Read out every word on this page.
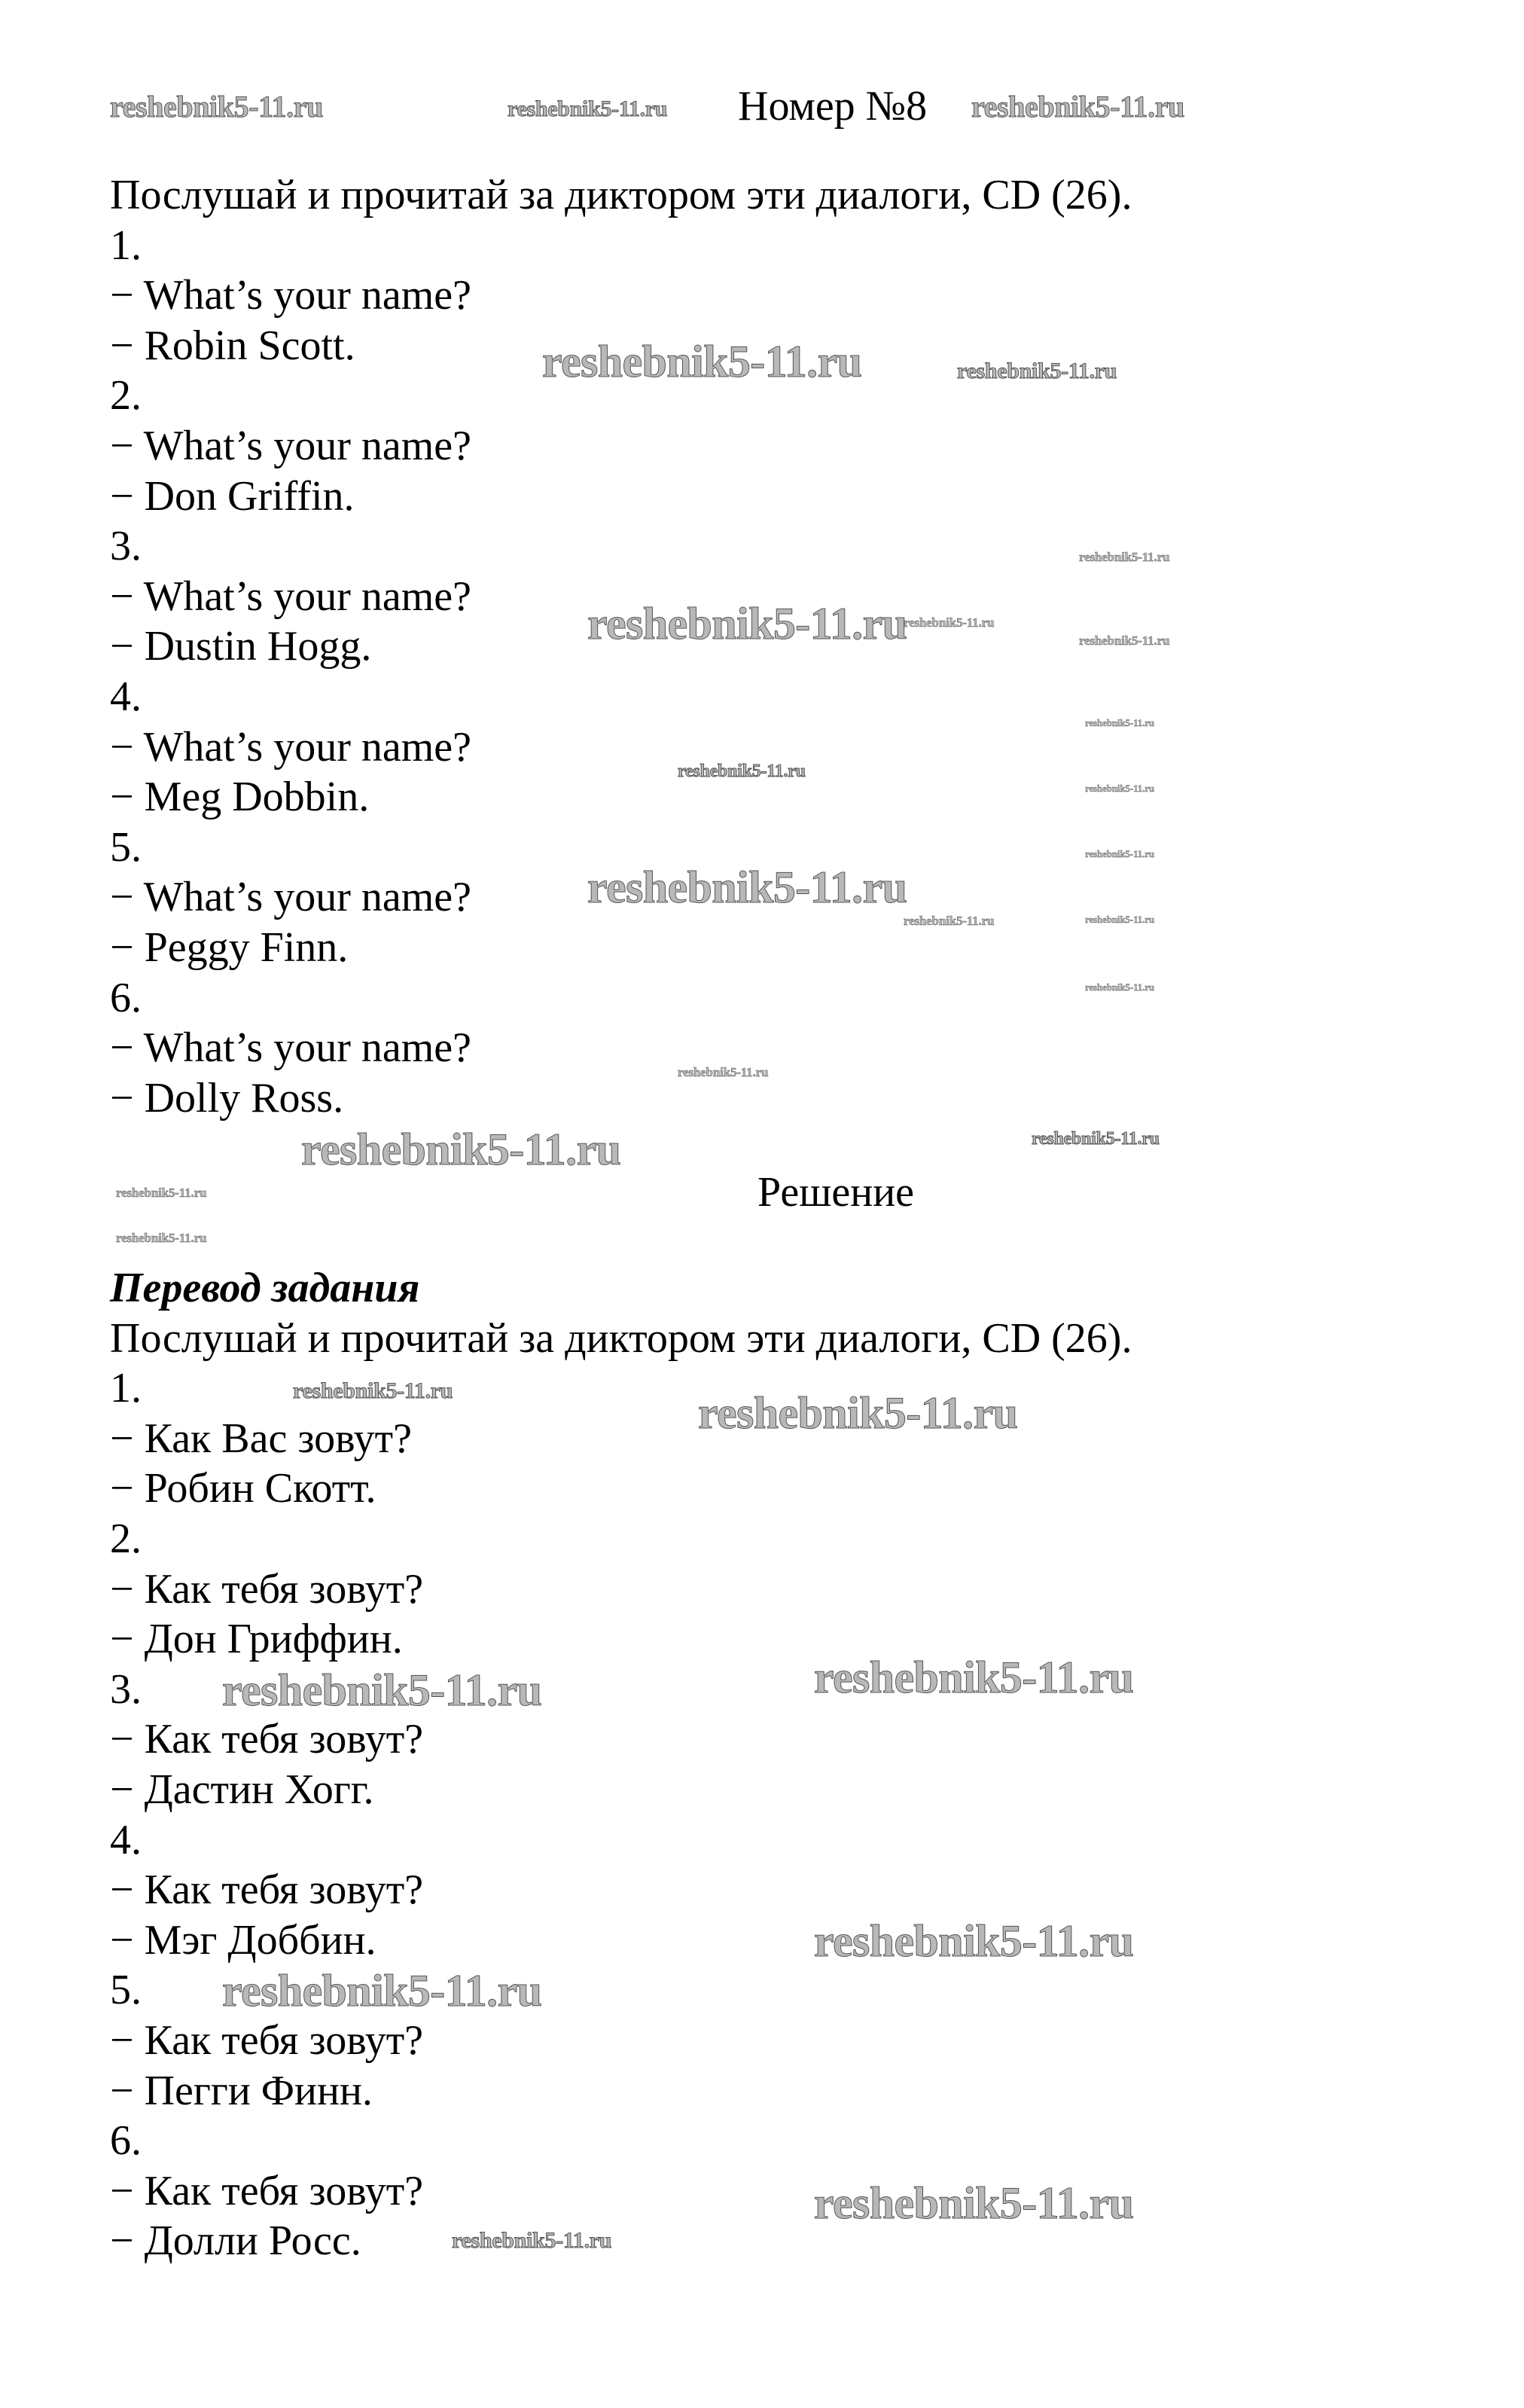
Номер №8
Послушай и прочитай за диктором эти диалоги, CD (26).
1.
− What’s your name?
− Robin Scott.
2.
− What’s your name?
− Don Griffin.
3.
− What’s your name?
− Dustin Hogg.
4.
− What’s your name?
− Meg Dobbin.
5.
− What’s your name?
− Peggy Finn.
6.
− What’s your name?
− Dolly Ross.
Решение
Перевод задания
Послушай и прочитай за диктором эти диалоги, CD (26).
1.
− Как Вас зовут?
− Робин Скотт.
2.
− Как тебя зовут?
− Дон Гриффин.
3.
− Как тебя зовут?
− Дастин Хогг.
4.
− Как тебя зовут?
− Мэг Доббин.
5.
− Как тебя зовут?
− Пегги Финн.
6.
− Как тебя зовут?
− Долли Росс.
reshebnik5-11.ru	reshebnik5-11.ru	reshebnik5-11.ru
reshebnik5-11.ru	reshebnik5-11.ru
reshebnik5-11.ru
reshebnik5-11.ru
reshebnik5-11.ru	reshebnik5-11.ru
reshebnik5-11.ru
reshebnik5-11.ru
reshebnik5-11.ru
reshebnik5-11.ru
reshebnik5-11.ru
reshebnik5-11.ru	reshebnik5-11.ru
reshebnik5-11.ru
reshebnik5-11.ru
reshebnik5-11.ru	reshebnik5-11.ru
reshebnik5-11.ru
reshebnik5-11.ru
reshebnik5-11.ru	reshebnik5-11.ru
reshebnik5-11.ru	reshebnik5-11.ru
reshebnik5-11.ru
reshebnik5-11.ru
reshebnik5-11.ru
reshebnik5-11.ru
